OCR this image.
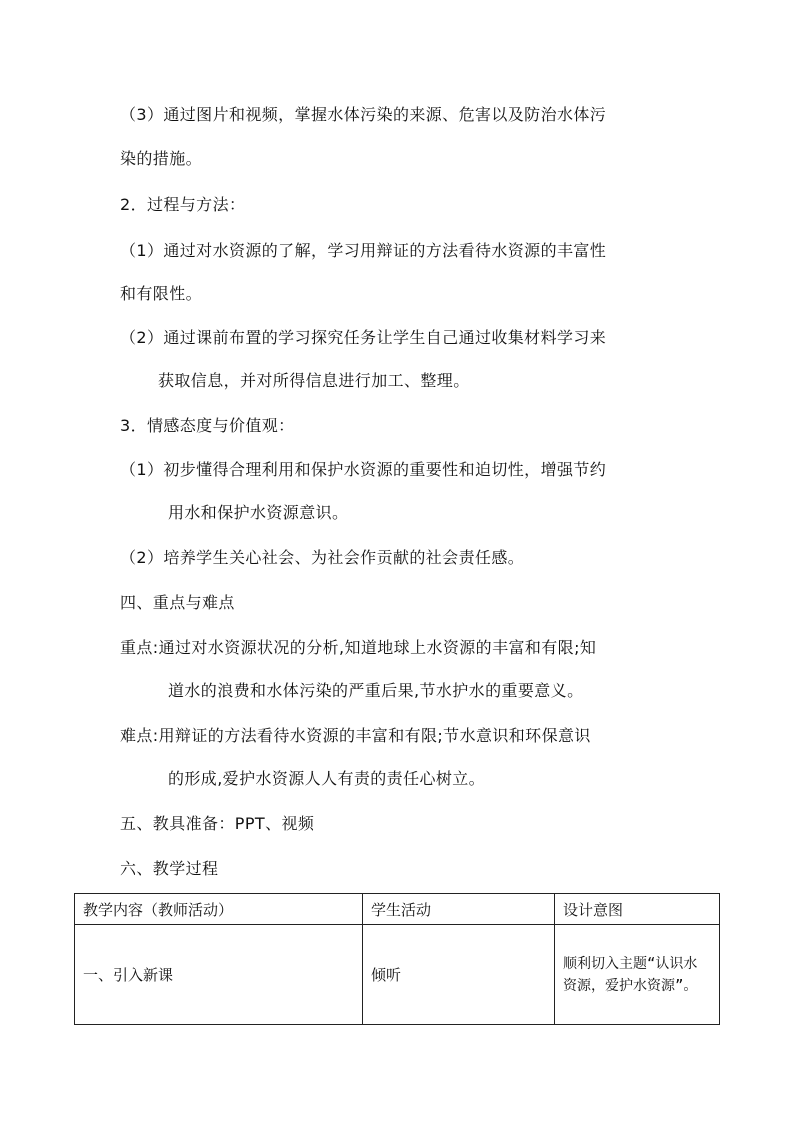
（3）通过图片和视频，掌握水体污染的来源、危害以及防治水体污
染的措施。
2．过程与方法：
（1）通过对水资源的了解，学习用辩证的方法看待水资源的丰富性
和有限性。
（2）通过课前布置的学习探究任务让学生自己通过收集材料学习来
获取信息，并对所得信息进行加工、整理。
3．情感态度与价值观：
（1）初步懂得合理利用和保护水资源的重要性和迫切性，增强节约
用水和保护水资源意识。
（2）培养学生关心社会、为社会作贡献的社会责任感。
四、重点与难点
重点:通过对水资源状况的分析,知道地球上水资源的丰富和有限;知
道水的浪费和水体污染的严重后果,节水护水的重要意义。
难点:用辩证的方法看待水资源的丰富和有限;节水意识和环保意识
的形成,爱护水资源人人有责的责任心树立。
五、教具准备：PPT、视频
六、教学过程
教学内容（教师活动）	学生活动	设计意图
一、引入新课	倾听	顺利切入主题“认识水资源，爱护水资源”。
